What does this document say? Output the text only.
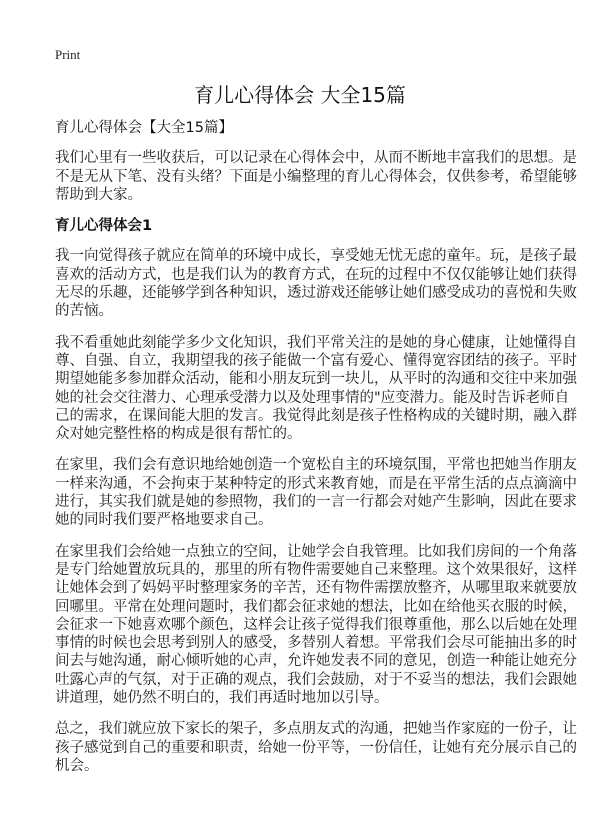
Print
育儿心得体会 大全15篇
育儿心得体会【大全15篇】
我们心里有一些收获后，可以记录在心得体会中，从而不断地丰富我们的思想。是
不是无从下笔、没有头绪？下面是小编整理的育儿心得体会，仅供参考，希望能够
帮助到大家。
育儿心得体会1
我一向觉得孩子就应在简单的环境中成长，享受她无忧无虑的童年。玩，是孩子最
喜欢的活动方式，也是我们认为的教育方式，在玩的过程中不仅仅能够让她们获得
无尽的乐趣，还能够学到各种知识，透过游戏还能够让她们感受成功的喜悦和失败
的苦恼。
我不看重她此刻能学多少文化知识，我们平常关注的是她的身心健康，让她懂得自
尊、自强、自立，我期望我的孩子能做一个富有爱心、懂得宽容团结的孩子。平时
期望她能多参加群众活动，能和小朋友玩到一块儿，从平时的沟通和交往中来加强
她的社会交往潜力、心理承受潜力以及处理事情的"应变潜力。能及时告诉老师自
己的需求，在课间能大胆的发言。我觉得此刻是孩子性格构成的关键时期，融入群
众对她完整性格的构成是很有帮忙的。
在家里，我们会有意识地给她创造一个宽松自主的环境氛围，平常也把她当作朋友
一样来沟通，不会拘束于某种特定的形式来教育她，而是在平常生活的点点滴滴中
进行，其实我们就是她的参照物，我们的一言一行都会对她产生影响，因此在要求
她的同时我们要严格地要求自己。
在家里我们会给她一点独立的空间，让她学会自我管理。比如我们房间的一个角落
是专门给她置放玩具的，那里的所有物件需要她自己来整理。这个效果很好，这样
让她体会到了妈妈平时整理家务的辛苦，还有物件需摆放整齐，从哪里取来就要放
回哪里。平常在处理问题时，我们都会征求她的想法，比如在给他买衣服的时候，
会征求一下她喜欢哪个颜色，这样会让孩子觉得我们很尊重他，那么以后她在处理
事情的时候也会思考到别人的感受，多替别人着想。平常我们会尽可能抽出多的时
间去与她沟通，耐心倾听她的心声，允许她发表不同的意见，创造一种能让她充分
吐露心声的气氛，对于正确的观点，我们会鼓励，对于不妥当的想法，我们会跟她
讲道理，她仍然不明白的，我们再适时地加以引导。
总之，我们就应放下家长的架子，多点朋友式的沟通，把她当作家庭的一份子，让
孩子感觉到自己的重要和职责，给她一份平等，一份信任，让她有充分展示自己的
机会。
